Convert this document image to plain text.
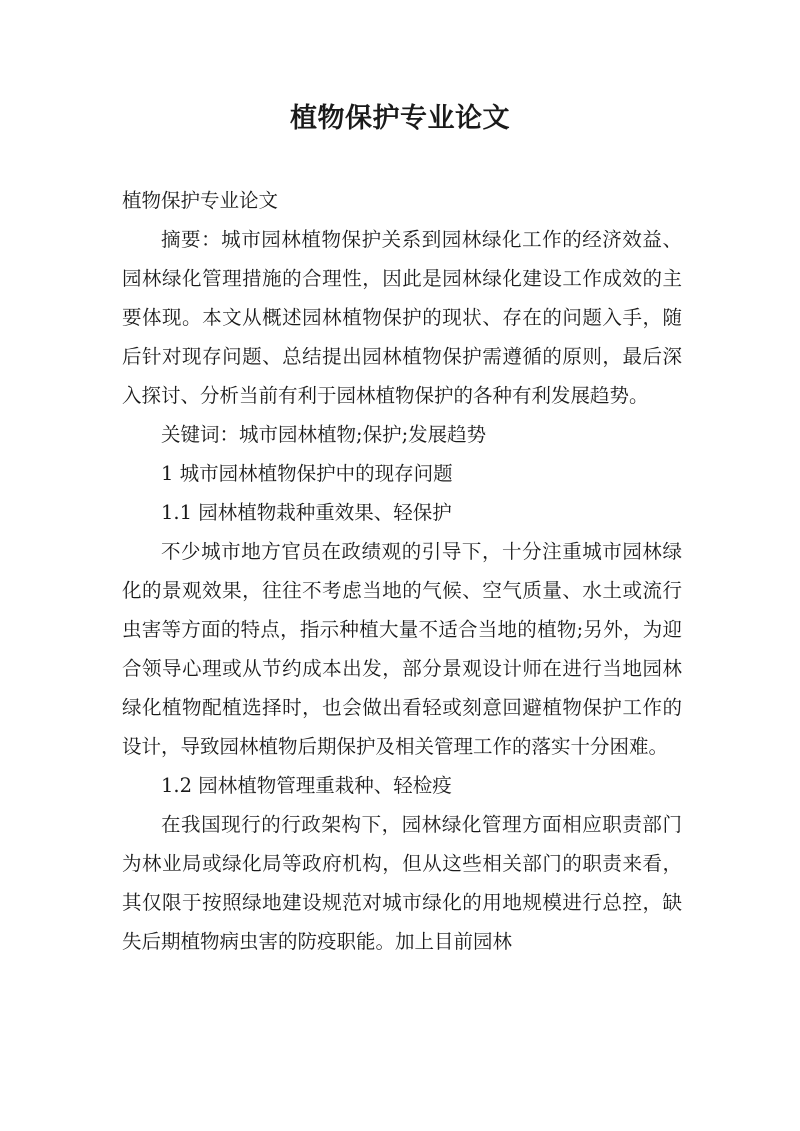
植物保护专业论文

植物保护专业论文

摘要：城市园林植物保护关系到园林绿化工作的经济效益、园林绿化管理措施的合理性，因此是园林绿化建设工作成效的主要体现。本文从概述园林植物保护的现状、存在的问题入手，随后针对现存问题、总结提出园林植物保护需遵循的原则，最后深入探讨、分析当前有利于园林植物保护的各种有利发展趋势。

关键词：城市园林植物;保护;发展趋势

1 城市园林植物保护中的现存问题

1.1 园林植物栽种重效果、轻保护

不少城市地方官员在政绩观的引导下，十分注重城市园林绿化的景观效果，往往不考虑当地的气候、空气质量、水土或流行虫害等方面的特点，指示种植大量不适合当地的植物;另外，为迎合领导心理或从节约成本出发，部分景观设计师在进行当地园林绿化植物配植选择时，也会做出看轻或刻意回避植物保护工作的设计，导致园林植物后期保护及相关管理工作的落实十分困难。

1.2 园林植物管理重栽种、轻检疫

在我国现行的行政架构下，园林绿化管理方面相应职责部门为林业局或绿化局等政府机构，但从这些相关部门的职责来看，其仅限于按照绿地建设规范对城市绿化的用地规模进行总控，缺失后期植物病虫害的防疫职能。加上目前园林
